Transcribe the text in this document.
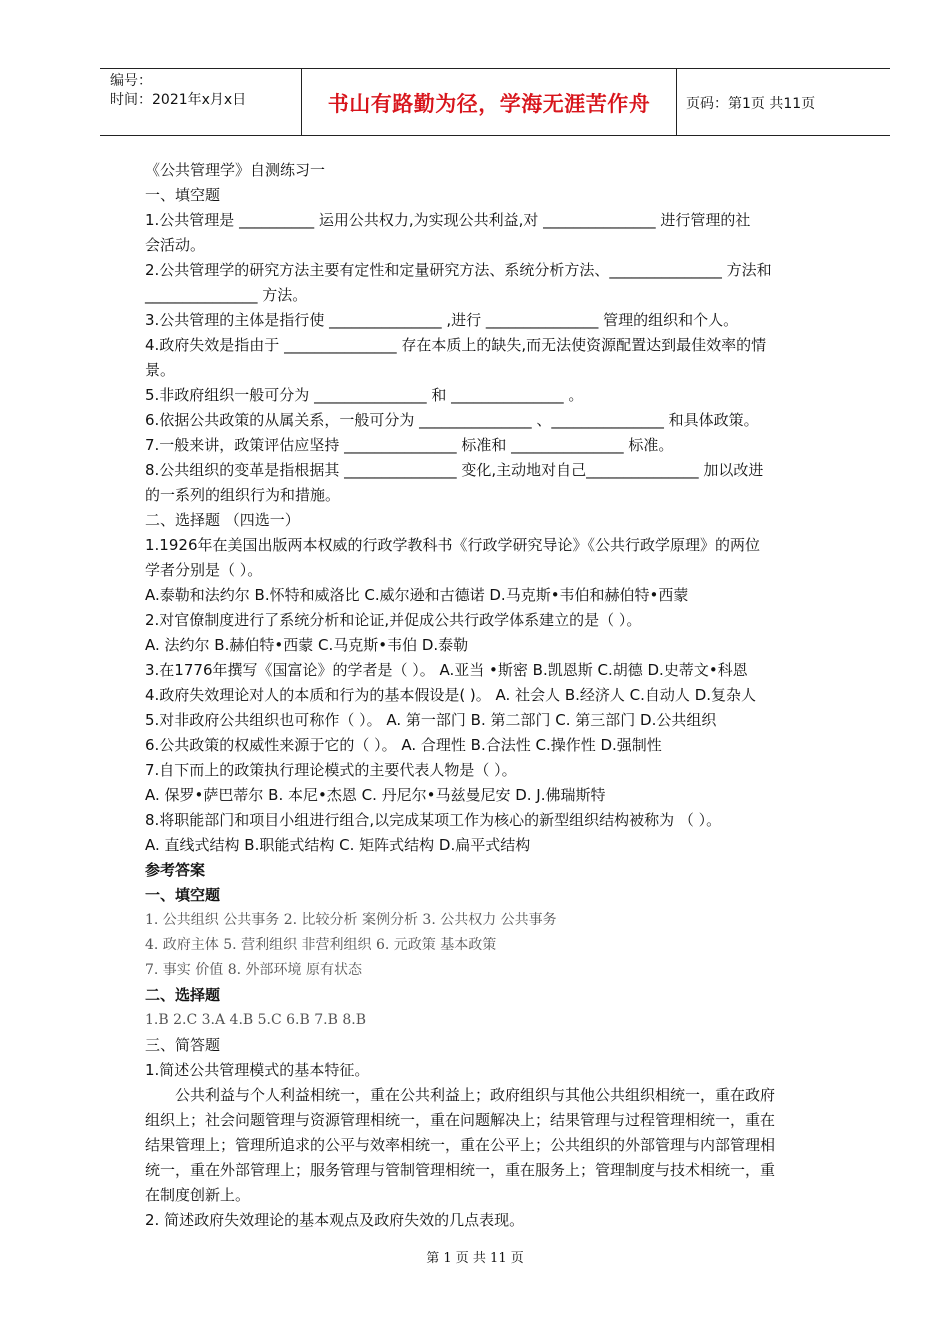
编号：
时间：2021年x月x日	书山有路勤为径，学海无涯苦作舟	页码：第1页 共11页

《公共管理学》自测练习一

一、填空题

1.公共管理是 __________ 运用公共权力,为实现公共利益,对 _______________ 进行管理的社

会活动。

2.公共管理学的研究方法主要有定性和定量研究方法、系统分析方法、_______________ 方法和

_______________ 方法。

3.公共管理的主体是指行使 _______________ ,进行 _______________ 管理的组织和个人。

4.政府失效是指由于 _______________ 存在本质上的缺失,而无法使资源配置达到最佳效率的情

景。

5.非政府组织一般可分为 _______________ 和 _______________ 。

6.依据公共政策的从属关系，一般可分为 _______________ 、_______________ 和具体政策。

7.一般来讲，政策评估应坚持 _______________ 标准和 _______________ 标准。

8.公共组织的变革是指根据其 _______________ 变化,主动地对自己_______________ 加以改进

的一系列的组织行为和措施。

二、选择题 （四选一）

1.1926年在美国出版两本权威的行政学教科书《行政学研究导论》《公共行政学原理》的两位

学者分别是（ ）。

A.泰勒和法约尔 B.怀特和威洛比 C.威尔逊和古德诺 D.马克斯•韦伯和赫伯特•西蒙

2.对官僚制度进行了系统分析和论证,并促成公共行政学体系建立的是（ ）。

A. 法约尔 B.赫伯特•西蒙 C.马克斯•韦伯 D.泰勒

3.在1776年撰写《国富论》的学者是（ ）。 A.亚当 •斯密 B.凯恩斯 C.胡德 D.史蒂文•科恩

4.政府失效理论对人的本质和行为的基本假设是( )。 A. 社会人 B.经济人 C.自动人 D.复杂人

5.对非政府公共组织也可称作（ ）。 A. 第一部门 B. 第二部门 C. 第三部门 D.公共组织

6.公共政策的权威性来源于它的（ ）。 A. 合理性 B.合法性 C.操作性 D.强制性

7.自下而上的政策执行理论模式的主要代表人物是（ ）。

A. 保罗•萨巴蒂尔 B. 本尼•杰恩 C. 丹尼尔•马兹曼尼安 D. J.佛瑞斯特

8.将职能部门和项目小组进行组合,以完成某项工作为核心的新型组织结构被称为 （ ）。

A. 直线式结构 B.职能式结构 C. 矩阵式结构 D.扁平式结构

参考答案

一、填空题

1. 公共组织 公共事务 2. 比较分析 案例分析 3. 公共权力 公共事务

4. 政府主体 5. 营利组织 非营利组织 6. 元政策 基本政策

7. 事实 价值 8. 外部环境 原有状态

二、选择题

1.B 2.C 3.A 4.B 5.C 6.B 7.B 8.B

三、简答题

1.简述公共管理模式的基本特征。

公共利益与个人利益相统一，重在公共利益上；政府组织与其他公共组织相统一，重在政府

组织上；社会问题管理与资源管理相统一，重在问题解决上；结果管理与过程管理相统一，重在

结果管理上；管理所追求的公平与效率相统一，重在公平上；公共组织的外部管理与内部管理相

统一，重在外部管理上；服务管理与管制管理相统一，重在服务上；管理制度与技术相统一，重

在制度创新上。

2. 简述政府失效理论的基本观点及政府失效的几点表现。

第 1 页 共 11 页
